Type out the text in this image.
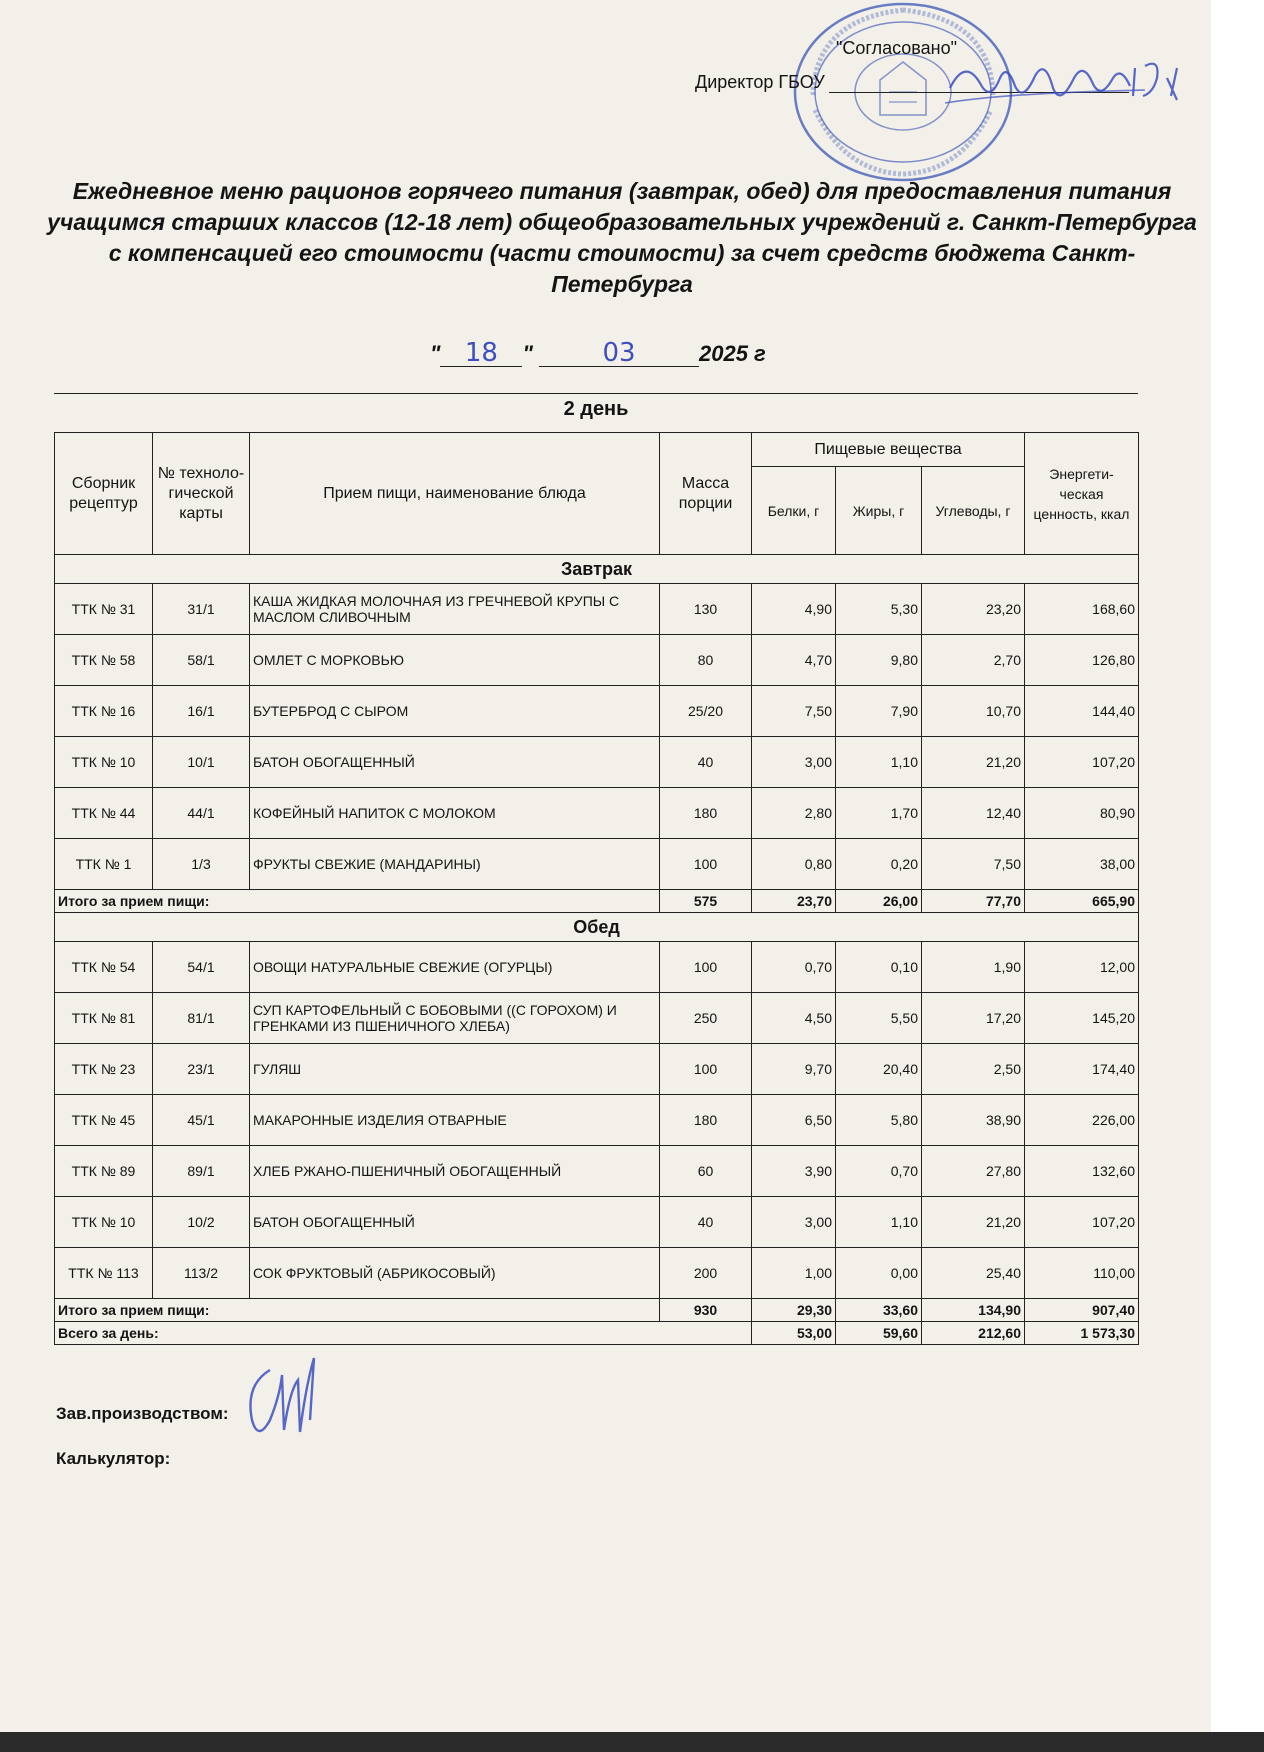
"Согласовано"
Директор ГБОУ
Ежедневное меню рационов горячего питания (завтрак, обед) для предоставления питания учащимся старших классов (12-18 лет) общеобразовательных учреждений г. Санкт-Петербурга с компенсацией его стоимости (части стоимости) за счет средств бюджета Санкт-Петербурга
" 18 "	03	2025 г
2 день
Сборник рецептур	№ техноло-гической карты	Прием пищи, наименование блюда	Масса порции	Пищевые вещества			Энергети-ческая ценность, ккал
				Белки, г	Жиры, г	Углеводы, г	
Завтрак							
ТТК № 31	31/1	КАША ЖИДКАЯ МОЛОЧНАЯ ИЗ ГРЕЧНЕВОЙ КРУПЫ С МАСЛОМ СЛИВОЧНЫМ	130	4,90	5,30	23,20	168,60
ТТК № 58	58/1	ОМЛЕТ С МОРКОВЬЮ	80	4,70	9,80	2,70	126,80
ТТК № 16	16/1	БУТЕРБРОД С СЫРОМ	25/20	7,50	7,90	10,70	144,40
ТТК № 10	10/1	БАТОН ОБОГАЩЕННЫЙ	40	3,00	1,10	21,20	107,20
ТТК № 44	44/1	КОФЕЙНЫЙ НАПИТОК С МОЛОКОМ	180	2,80	1,70	12,40	80,90
ТТК № 1	1/3	ФРУКТЫ СВЕЖИЕ (МАНДАРИНЫ)	100	0,80	0,20	7,50	38,00
Итого за прием пищи:			575	23,70	26,00	77,70	665,90
Обед							
ТТК № 54	54/1	ОВОЩИ НАТУРАЛЬНЫЕ СВЕЖИЕ (ОГУРЦЫ)	100	0,70	0,10	1,90	12,00
ТТК № 81	81/1	СУП КАРТОФЕЛЬНЫЙ С БОБОВЫМИ ((С ГОРОХОМ) И ГРЕНКАМИ ИЗ ПШЕНИЧНОГО ХЛЕБА)	250	4,50	5,50	17,20	145,20
ТТК № 23	23/1	ГУЛЯШ	100	9,70	20,40	2,50	174,40
ТТК № 45	45/1	МАКАРОННЫЕ ИЗДЕЛИЯ ОТВАРНЫЕ	180	6,50	5,80	38,90	226,00
ТТК № 89	89/1	ХЛЕБ РЖАНО-ПШЕНИЧНЫЙ ОБОГАЩЕННЫЙ	60	3,90	0,70	27,80	132,60
ТТК № 10	10/2	БАТОН ОБОГАЩЕННЫЙ	40	3,00	1,10	21,20	107,20
ТТК № 113	113/2	СОК ФРУКТОВЫЙ (АБРИКОСОВЫЙ)	200	1,00	0,00	25,40	110,00
Итого за прием пищи:			930	29,30	33,60	134,90	907,40
Всего за день:				53,00	59,60	212,60	1 573,30
Зав.производством:
Калькулятор:
